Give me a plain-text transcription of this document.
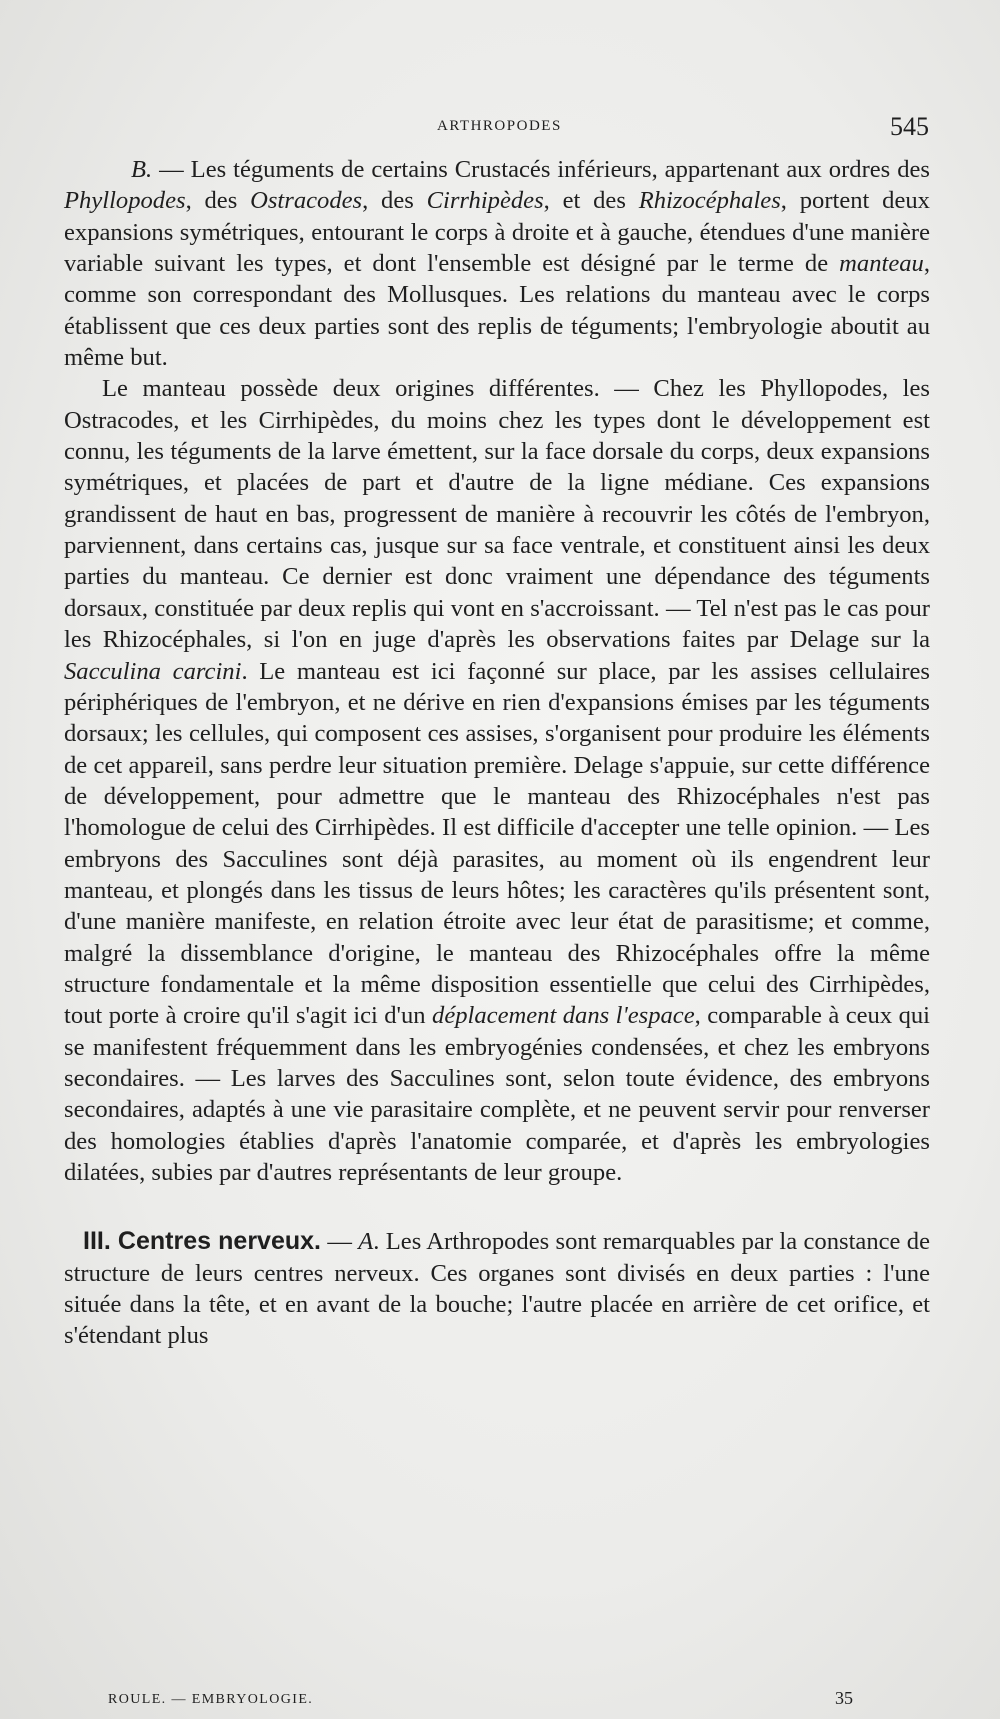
ARTHROPODES	545

B. — Les téguments de certains Crustacés inférieurs, appartenant aux ordres des Phyllopodes, des Ostracodes, des Cirrhipèdes, et des Rhizocéphales, portent deux expansions symétriques, entourant le corps à droite et à gauche, étendues d'une manière variable suivant les types, et dont l'ensemble est désigné par le terme de manteau, comme son correspondant des Mollusques. Les relations du manteau avec le corps établissent que ces deux parties sont des replis de téguments; l'embryologie aboutit au même but.

Le manteau possède deux origines différentes. — Chez les Phyllopodes, les Ostracodes, et les Cirrhipèdes, du moins chez les types dont le développement est connu, les téguments de la larve émettent, sur la face dorsale du corps, deux expansions symétriques, et placées de part et d'autre de la ligne médiane. Ces expansions grandissent de haut en bas, progressent de manière à recouvrir les côtés de l'embryon, parviennent, dans certains cas, jusque sur sa face ventrale, et constituent ainsi les deux parties du manteau. Ce dernier est donc vraiment une dépendance des téguments dorsaux, constituée par deux replis qui vont en s'accroissant. — Tel n'est pas le cas pour les Rhizocéphales, si l'on en juge d'après les observations faites par Delage sur la Sacculina carcini. Le manteau est ici façonné sur place, par les assises cellulaires périphériques de l'embryon, et ne dérive en rien d'expansions émises par les téguments dorsaux; les cellules, qui composent ces assises, s'organisent pour produire les éléments de cet appareil, sans perdre leur situation première. Delage s'appuie, sur cette différence de développement, pour admettre que le manteau des Rhizocéphales n'est pas l'homologue de celui des Cirrhipèdes. Il est difficile d'accepter une telle opinion. — Les embryons des Sacculines sont déjà parasites, au moment où ils engendrent leur manteau, et plongés dans les tissus de leurs hôtes; les caractères qu'ils présentent sont, d'une manière manifeste, en relation étroite avec leur état de parasitisme; et comme, malgré la dissemblance d'origine, le manteau des Rhizocéphales offre la même structure fondamentale et la même disposition essentielle que celui des Cirrhipèdes, tout porte à croire qu'il s'agit ici d'un déplacement dans l'espace, comparable à ceux qui se manifestent fréquemment dans les embryogénies condensées, et chez les embryons secondaires. — Les larves des Sacculines sont, selon toute évidence, des embryons secondaires, adaptés à une vie parasitaire complète, et ne peuvent servir pour renverser des homologies établies d'après l'anatomie comparée, et d'après les embryologies dilatées, subies par d'autres représentants de leur groupe.

III. Centres nerveux. — A. Les Arthropodes sont remarquables par la constance de structure de leurs centres nerveux. Ces organes sont divisés en deux parties : l'une située dans la tête, et en avant de la bouche; l'autre placée en arrière de cet orifice, et s'étendant plus

ROULE. — EMBRYOLOGIE.	35
